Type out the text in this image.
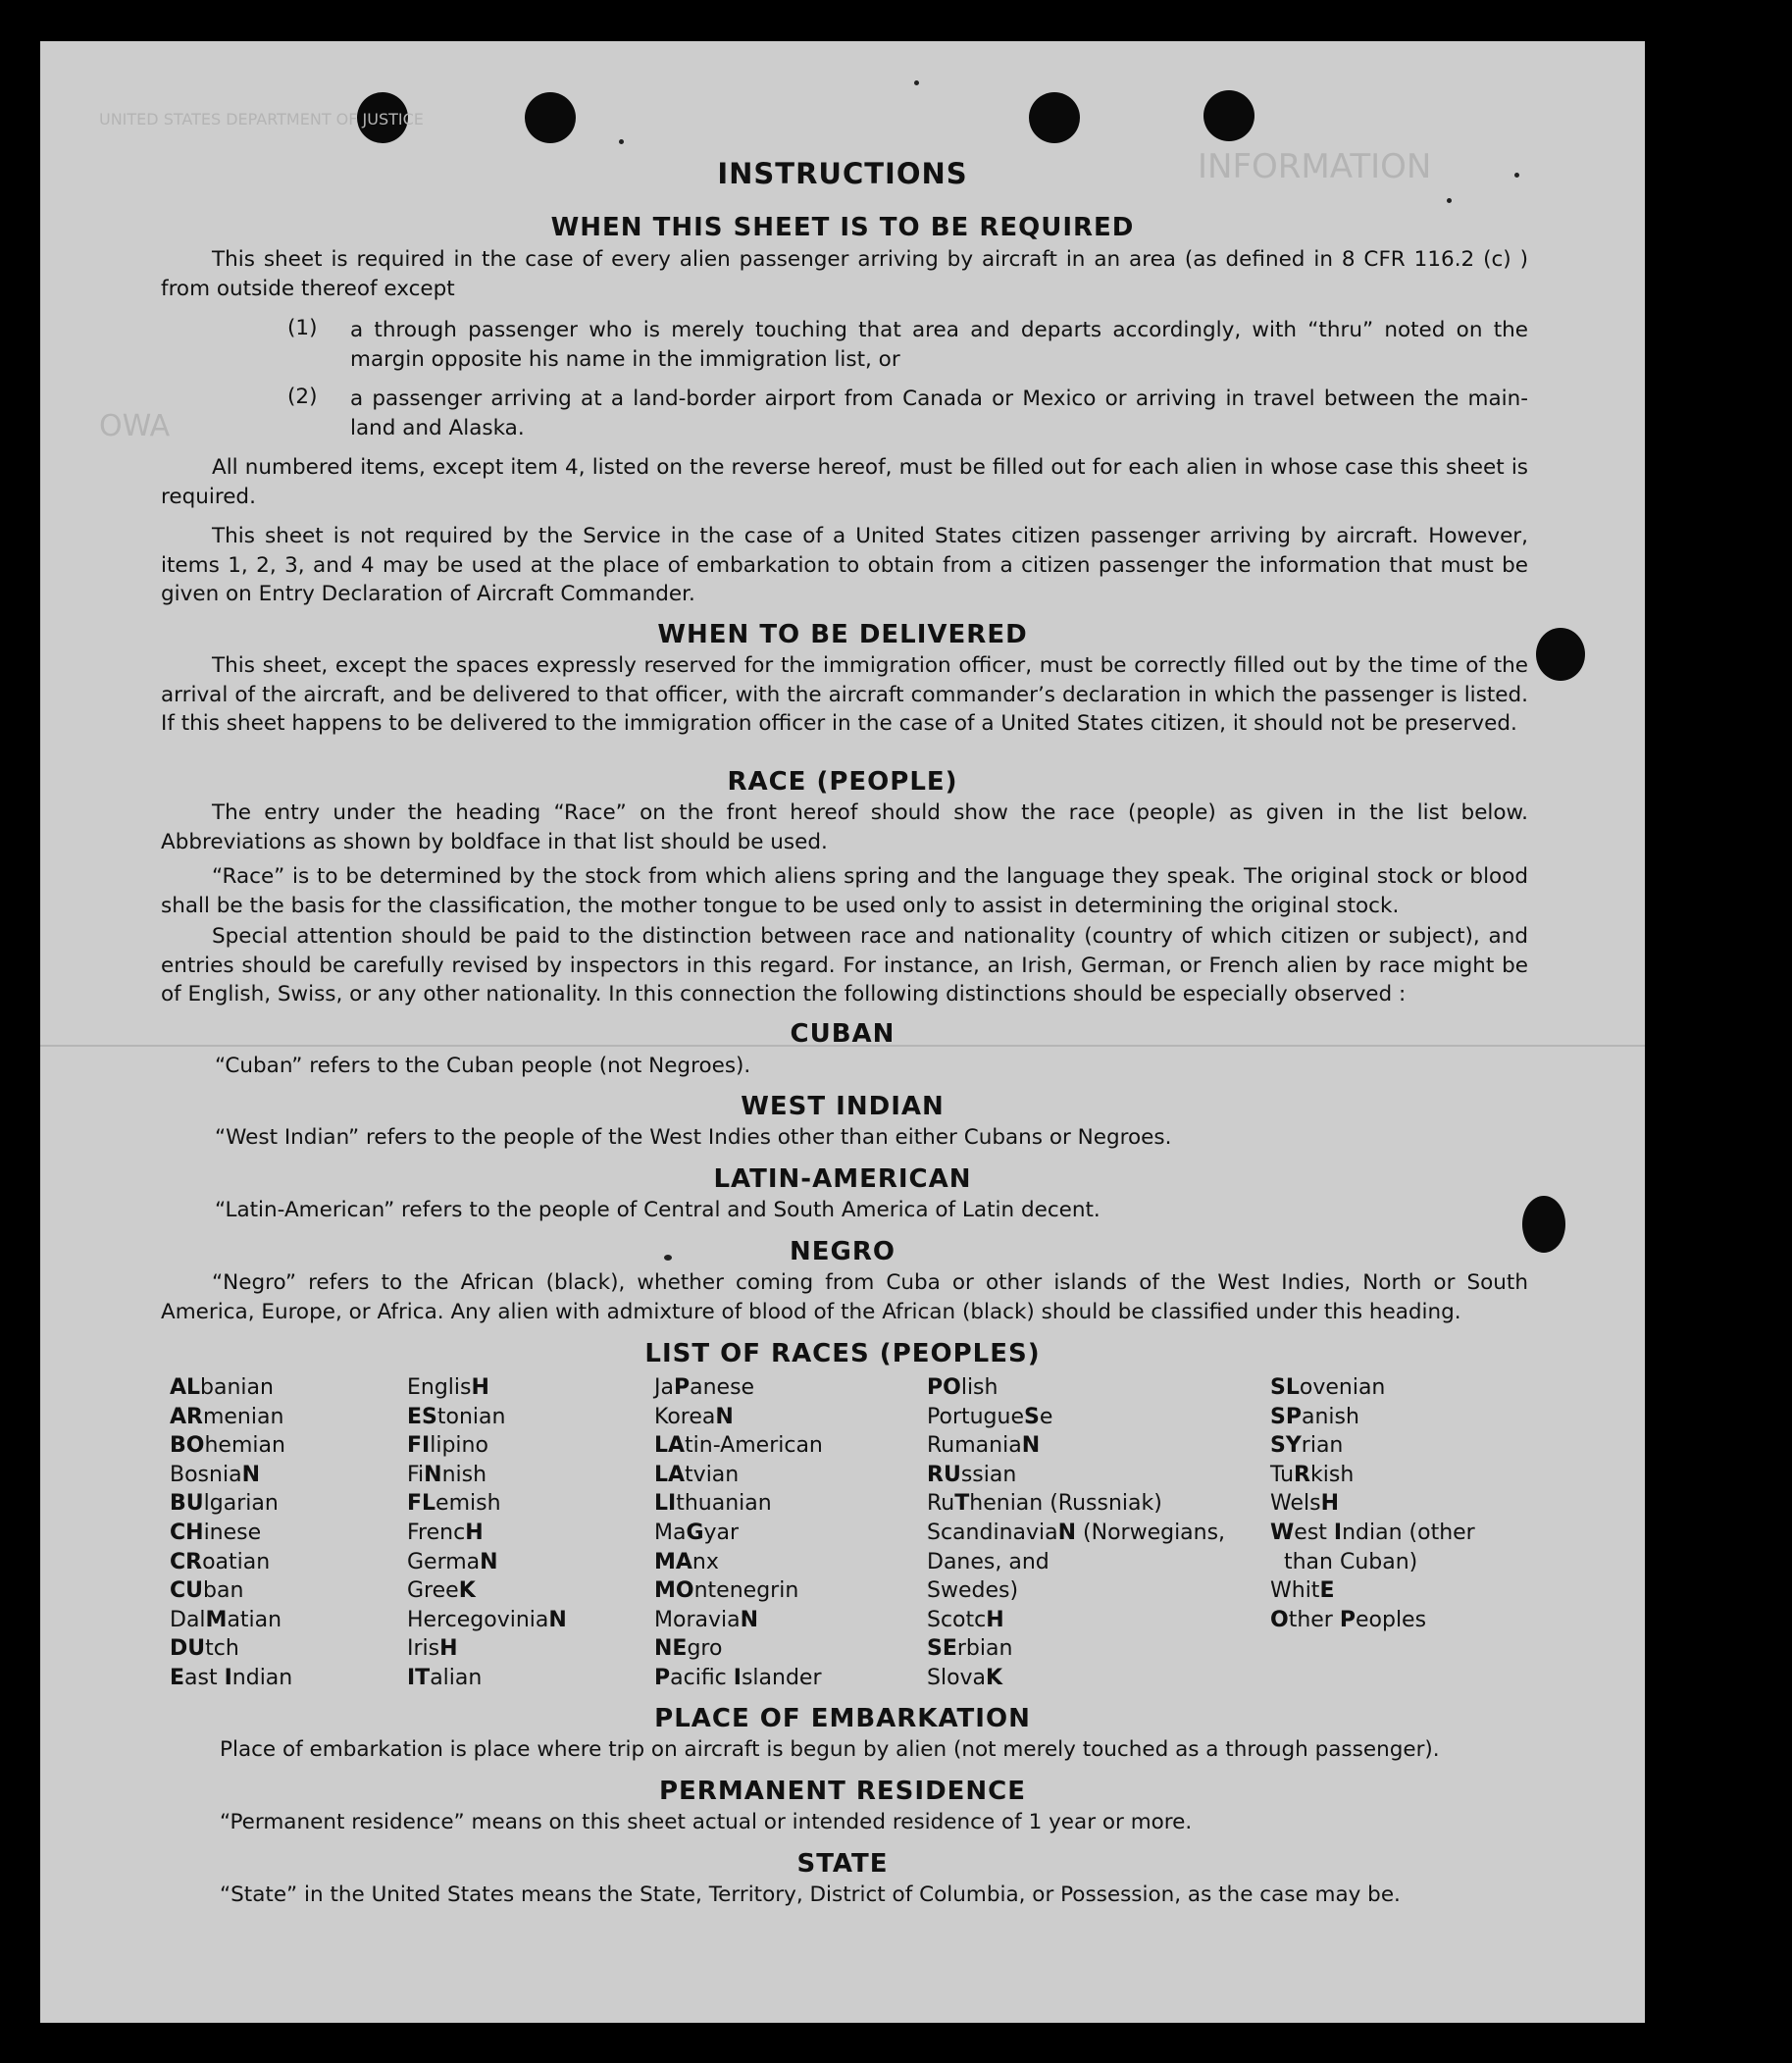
UNITED STATES DEPARTMENT OF JUSTICE
INFORMATION
OWA
INSTRUCTIONS
WHEN THIS SHEET IS TO BE REQUIRED

This sheet is required in the case of every alien passenger arriving by aircraft in an area (as defined in 8 CFR 116.2 (c) ) from outside thereof except

(1) a through passenger who is merely touching that area and departs accordingly, with “thru” noted on the margin opposite his name in the immigration list, or

(2) a passenger arriving at a land-border airport from Canada or Mexico or arriving in travel between the main-land and Alaska.

All numbered items, except item 4, listed on the reverse hereof, must be filled out for each alien in whose case this sheet is required.

This sheet is not required by the Service in the case of a United States citizen passenger arriving by aircraft. However, items 1, 2, 3, and 4 may be used at the place of embarkation to obtain from a citizen passenger the information that must be given on Entry Declaration of Aircraft Commander.

WHEN TO BE DELIVERED

This sheet, except the spaces expressly reserved for the immigration officer, must be correctly filled out by the time of the arrival of the aircraft, and be delivered to that officer, with the aircraft commander’s declaration in which the passenger is listed. If this sheet happens to be delivered to the immigration officer in the case of a United States citizen, it should not be preserved.

RACE (PEOPLE)

The entry under the heading “Race” on the front hereof should show the race (people) as given in the list below. Abbreviations as shown by boldface in that list should be used.

“Race” is to be determined by the stock from which aliens spring and the language they speak. The original stock or blood shall be the basis for the classification, the mother tongue to be used only to assist in determining the original stock.

Special attention should be paid to the distinction between race and nationality (country of which citizen or subject), and entries should be carefully revised by inspectors in this regard. For instance, an Irish, German, or French alien by race might be of English, Swiss, or any other nationality. In this connection the following distinctions should be especially observed :

CUBAN

“Cuban” refers to the Cuban people (not Negroes).

WEST INDIAN

“West Indian” refers to the people of the West Indies other than either Cubans or Negroes.

LATIN-AMERICAN

“Latin-American” refers to the people of Central and South America of Latin decent.

NEGRO

“Negro” refers to the African (black), whether coming from Cuba or other islands of the West Indies, North or South America, Europe, or Africa. Any alien with admixture of blood of the African (black) should be classified under this heading.

LIST OF RACES (PEOPLES)
ALbanian
ARmenian
BOhemian
BosniaN
BUlgarian
CHinese
CRoatian
CUban
DalMatian
DUtch
East Indian
EnglisH
EStonian
FIlipino
FiNnish
FLemish
FrencH
GermaN
GreeK
HercegoviniaN
IrisH
ITalian
JaPanese
KoreaN
LAtin-American
LAtvian
LIthuanian
MaGyar
MAnx
MOntenegrin
MoraviaN
NEgro
Pacific Islander
POlish
PortugueSe
RumaniaN
RUssian
RuThenian (Russniak)
ScandinaviaN (Norwegians,
Danes, and
Swedes)
ScotcH
SErbian
SlovaK
SLovenian
SPanish
SYrian
TuRkish
WelsH
West Indian (other
than Cuban)
WhitE
Other Peoples
PLACE OF EMBARKATION

Place of embarkation is place where trip on aircraft is begun by alien (not merely touched as a through passenger).

PERMANENT RESIDENCE

“Permanent residence” means on this sheet actual or intended residence of 1 year or more.

STATE

“State” in the United States means the State, Territory, District of Columbia, or Possession, as the case may be.
